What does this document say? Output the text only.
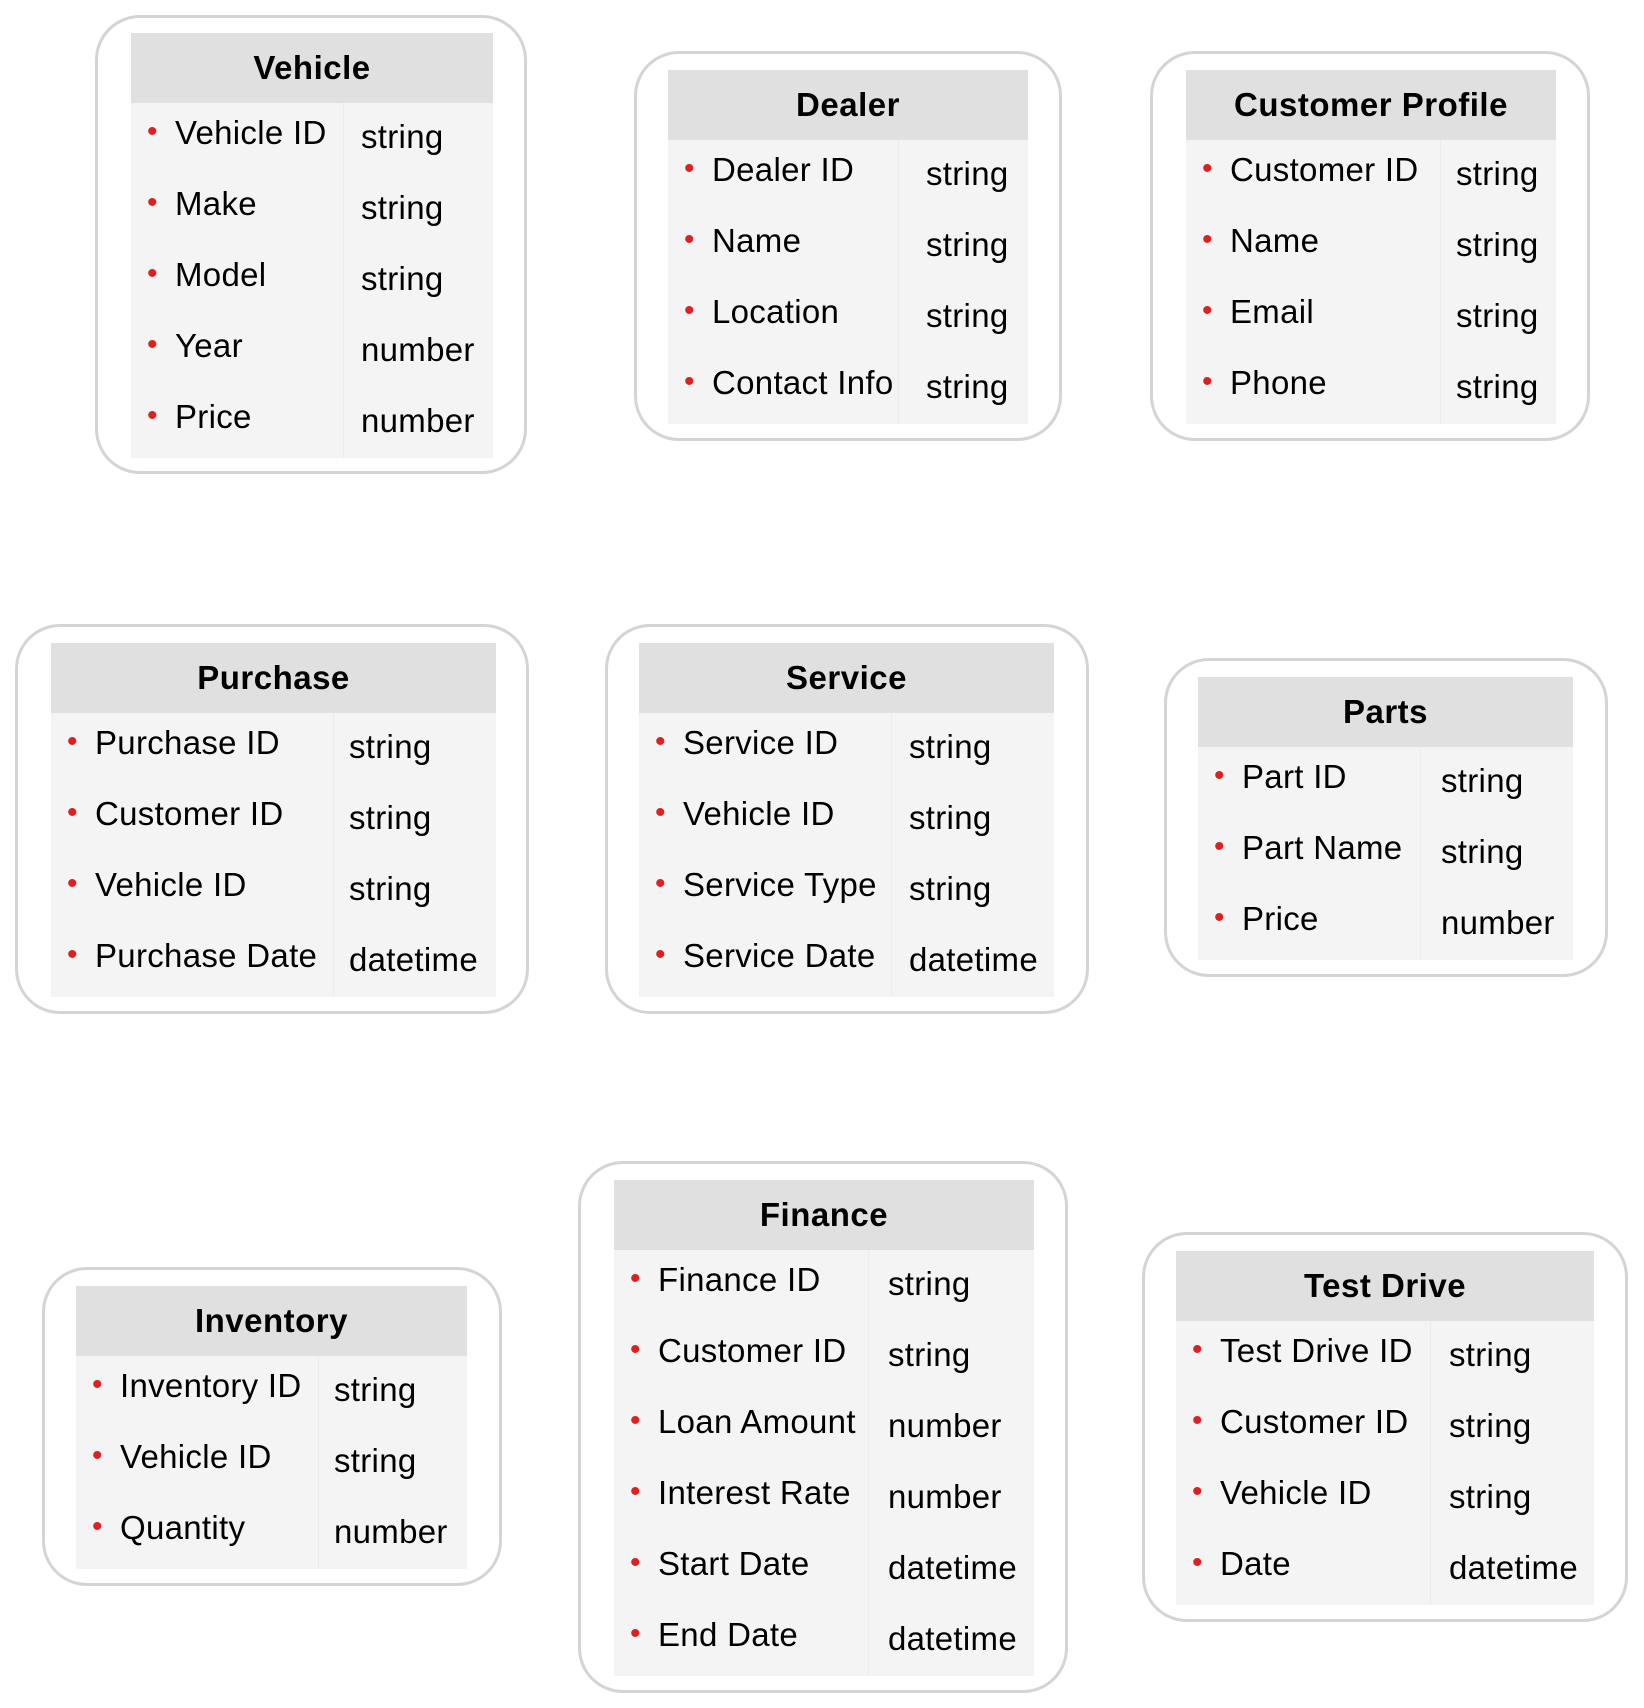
Vehicle
• Vehicle ID string
• Make	string
• Model	string
• Year	number
• Price	number
Dealer
• Dealer ID string
• Name	string
• Location	string
• Contact Info string
Customer Profile
• Customer ID string
• Name	string
• Email	string
• Phone	string
Purchase
• Purchase ID string
• Customer ID string
• Vehicle ID	string
• Purchase Date datetime
Service
• Service ID string
• Vehicle ID string
• Service Type string
• Service Date datetime
Parts
• Part ID	string
• Part Name string
• Price	number
Inventory
• Inventory ID string
• Vehicle ID string
• Quantity	number
Finance
• Finance ID string
• Customer ID string
• Loan Amount number
• Interest Rate number
• Start Date datetime
• End Date	datetime
Test Drive
• Test Drive ID string
• Customer ID string
• Vehicle ID string
• Date	datetime
